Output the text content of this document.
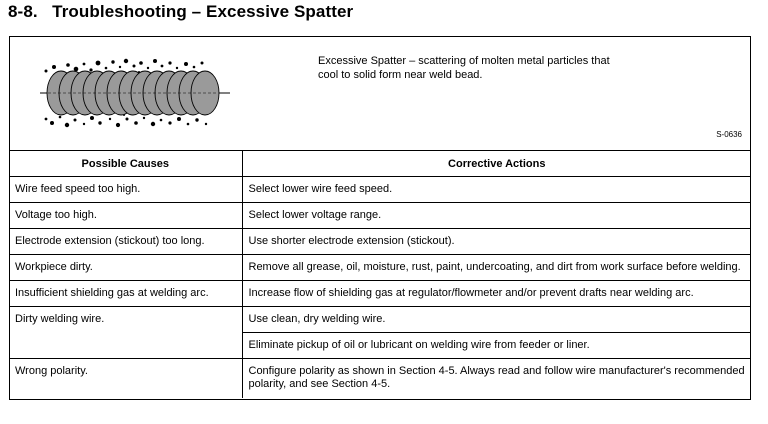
8-8.   Troubleshooting – Excessive Spatter
Excessive Spatter – scattering of molten metal particles that
cool to solid form near weld bead.
S-0636
Possible Causes	Corrective Actions
Wire feed speed too high.	Select lower wire feed speed.
Voltage too high.	Select lower voltage range.
Electrode extension (stickout) too long.	Use shorter electrode extension (stickout).
Workpiece dirty.	Remove all grease, oil, moisture, rust, paint, undercoating, and dirt from work surface before welding.
Insufficient shielding gas at welding arc.	Increase flow of shielding gas at regulator/flowmeter and/or prevent drafts near welding arc.
Dirty welding wire.	Use clean, dry welding wire.
	Eliminate pickup of oil or lubricant on welding wire from feeder or liner.
Wrong polarity.	Configure polarity as shown in Section 4-5. Always read and follow wire manufacturer's recommended polarity, and see Section 4-5.
